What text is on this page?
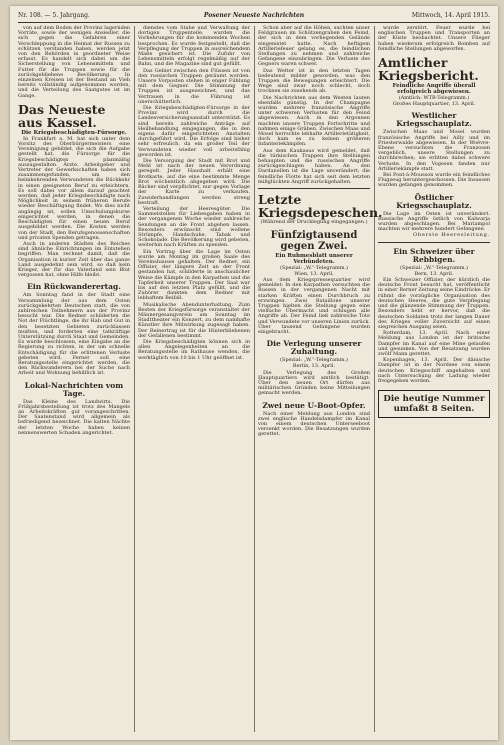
Nr. 108. — 5. Jahrgang.	Posener Neueste Nachrichten	Mittwoch, 14. April 1915.

von auf dem Boden der Provinz lagernden Vorräte, sowie der wenigen Ansiedler, die sich gegen die Gefahren einer Verschleppung in die Heimat der Russen zu schützen verstanden haben, werden jetzt von den Behörden in geordneter Weise erfasst. Es handelt sich dabei um die Sicherstellung von Lebensmitteln und Futter für die Truppen sowie für die zurückgebliebene Bevölkerung. In einzelnen Kreisen ist der Bestand an Vieh bereits vollständig aufgenommen worden, und die Verteilung des Saatgutes ist im Gange.

Das Neueste aus Kassel.
Die Kriegsbeschädigten-Fürsorge.

In Frankfurt a. M. hat sich unter dem Vorsitz des Oberbürgermeisters eine Vereinigung gebildet, die sich die Aufgabe gestellt hat, die Fürsorge für die Kriegsbeschädigten planmäßig auszugestalten. Ärzte, Arbeitgeber und Vertreter der Gewerkschaften haben sich zusammengefunden, um den heimkehrenden Verwundeten die Rückkehr in einen geeigneten Beruf zu erleichtern. Es soll dabei vor allem darauf geachtet werden, daß jeder Kriegsbeschädigte nach Möglichkeit in seinem früheren Berufe wieder Beschäftigung findet. Wo dies nicht angängig ist, sollen Umschulungskurse eingerichtet werden, in denen die Beschädigten für einen neuen Beruf ausgebildet werden. Die Kosten werden von der Stadt, den Berufsgenossenschaften und privaten Spenden getragen.

Auch in anderen Städten des Reiches sind ähnliche Einrichtungen im Entstehen begriffen. Man rechnet damit, daß die Organisation in kurzer Zeit über das ganze Land ausgedehnt sein wird, so daß kein Krieger, der für das Vaterland sein Blut vergossen hat, ohne Hilfe bleibt.

Ein Rückwanderertag.

Am Sonntag fand in der Stadt eine Versammlung der aus dem Osten zurückgekehrten Deutschen statt, die von zahlreichen Teilnehmern aus der Provinz besucht war. Die Redner schilderten die Not der Flüchtlinge, die ihr Hab und Gut in den besetzten Gebieten zurücklassen mußten, und forderten eine tatkräftige Unterstützung durch Staat und Gemeinden. Es wurde beschlossen, eine Eingabe an die Regierung zu richten, in der um schnelle Entschädigung für die erlittenen Verluste gebeten wird. Ferner soll eine Beratungsstelle eingerichtet werden, die den Rückwanderern bei der Suche nach Arbeit und Wohnung behilflich ist.

Lokal-Nachrichten vom Tage.

Das Kleine des Landwirts. Die Frühjahrsbestellung ist trotz des Mangels an Arbeitskräften gut vorangeschritten. Der Saatenstand wird allgemein als befriedigend bezeichnet. Die kalten Nächte der letzten Woche haben keinen nennenswerten Schaden angerichtet.

dienstes vom Stabe und Verwaltung der dortigen Truppenteile, wurden die Vorkehrungen für die kommenden Wochen besprochen. Es wurde festgestellt, daß die Verpflegung der Truppen in ausreichendem Maße gesichert ist. Die Zufuhr von Lebensmitteln erfolgt regelmäßig auf der Bahn, und die Magazine sind gut gefüllt.

Das Gebiet zwischen den Flüssen ist von den russischen Truppen geräumt worden. Unsere Vorposten stehen in enger Fühlung mit dem Gegner. Die Stimmung der Truppen ist ausgezeichnet, und das Vertrauen in die Führung ist unerschütterlich.

Die Kriegsbeschädigten-Fürsorge in der Provinz wird durch die Landesversicherungsanstalt unterstützt. Es sind bereits zahlreiche Anträge auf Heilbehandlung eingegangen, die in den eigens dafür eingerichteten Anstalten durchgeführt wird. Die Erfolge sind bisher sehr erfreulich, da ein großer Teil der Verwundeten wieder voll arbeitsfähig geworden ist.

Die Versorgung der Stadt mit Brot und Mehl ist nach der neuen Verordnung geregelt. Jeder Haushalt erhält eine Brotkarte, auf die eine bestimmte Menge Brot wöchentlich abgegeben wird. Die Bäcker sind verpflichtet, nur gegen Vorlage der Karte zu verkaufen. Zuwiderhandlungen werden streng bestraft.

Verteilung der Heeresgüter. Die Sammelstellen für Liebesgaben haben in der vergangenen Woche wieder zahlreiche Sendungen an die Front abgehen lassen. Besonders erwünscht sind wollene Strümpfe, Handschuhe, Tabak und Schokolade. Die Bevölkerung wird gebeten, weiterhin nach Kräften zu spenden.

Ein Vortrag über die Lage im Osten wurde am Montag im großen Saale des Vereinshauses gehalten. Der Redner, ein Offizier, der längere Zeit an der Front gestanden hat, schilderte in anschaulicher Weise die Kämpfe in den Karpathen und die Tapferkeit unserer Truppen. Der Saal war bis auf den letzten Platz gefüllt, und die Zuhörer dankten dem Redner mit lebhaftem Beifall.

Musikalische Abendunterhaltung. Zum Besten der Kriegsfürsorge veranstaltet der Männergesangverein am Sonntag im Stadttheater ein Konzert, zu dem namhafte Künstler ihre Mitwirkung zugesagt haben. Der Reinertrag ist für die Hinterbliebenen der Gefallenen bestimmt.

Die Kriegsbeschädigten können sich in allen Angelegenheiten an die Beratungsstelle im Rathause wenden, die werktäglich von 10 bis 1 Uhr geöffnet ist.

Schon aber auf die Höhen, suchten unser Feldgrauen im Schützengraben den Feind, der sich in dem vorliegenden Gelände eingenistet hatte. Nach heftigem Artilleriefeuer gelang es, die feindlichen Stellungen zu nehmen und zahlreiche Gefangene einzubringen. Die Verluste des Gegners waren schwer.

Das Wetter ist in den letzten Tagen bedeutend milder geworden, was den Truppen die Bewegungen erleichtert. Die Wege sind zwar noch schlecht, doch trocknen sie zusehends ab.

Die Nachrichten aus dem Westen lauten ebenfalls günstig. In der Champagne wurden mehrere französische Angriffe unter schweren Verlusten für den Feind abgewiesen. Auch in den Argonnen machten unsere Truppen Fortschritte und nahmen einige Gräben. Zwischen Maas und Mosel herrschte lebhafte Artillerietätigkeit, doch kam es zu keinen größeren Infanteriekämpfen.

Aus dem Kaukasus wird gemeldet, daß die türkischen Truppen ihre Stellungen behaupten und die russischen Angriffe zurückgeschlagen haben. An den Dardanellen ist die Lage unverändert; die feindliche Flotte hat sich seit dem letzten mißglückten Angriff zurückgehalten.

Letzte Kriegsdepeschen.
(Während der Drucklegung eingegangen.)
Fünfzigtausend gegen Zwei.
Ein Ruhmesblatt unserer Verbündeten.
(Spezial: „W.“-Telegramm.)
Wien, 13. April.

Aus dem Kriegspressequartier wird gemeldet: In den Karpathen versuchten die Russen in der vergangenen Nacht mit starken Kräften einen Durchbruch zu erzwingen. Zwei Bataillone unserer Truppen hielten die Stellung gegen eine vielfache Übermacht und schlugen alle Angriffe ab. Der Feind ließ zahlreiche Tote und Verwundete vor unseren Linien zurück. Über tausend Gefangene wurden eingebracht.

Die Verlegung unserer Zuhaltung.
(Spezial: „W.“-Telegramm.)
Berlin, 13. April.

Die Verlegung des Großen Hauptquartiers wird amtlich bestätigt. Über den neuen Ort dürfen aus militärischen Gründen keine Mitteilungen gemacht werden.

Zwei neue U-Boot-Opfer.

Nach einer Meldung aus London sind zwei englische Handelsdampfer im Kanal von einem deutschen Unterseeboot versenkt worden. Die Besatzungen wurden gerettet.

wurde zerstört. Feuer wurde bei englischen Truppen und Transporten an der Küste beobachtet. Unsere Flieger haben wiederum erfolgreich Bomben auf feindliche Stellungen abgeworfen.

Amtlicher Kriegsbericht.
Feindliche Angriffe überall erfolgreich abgewiesen.
(Amtlich: WTB-Telegramm.)
Großes Hauptquartier, 13. April.
Westlicher Kriegsschauplatz.

Zwischen Maas und Mosel wurden französische Angriffe bei Ailly und im Priesterwalde abgewiesen. In der Woëvre-Ebene versuchten die Franzosen vergeblich, unsere Stellungen zu durchbrechen; sie erlitten dabei schwere Verluste. In den Vogesen fanden nur Artilleriekämpfe statt.

Bei Pont-à-Mousson wurde ein feindliches Flugzeug heruntergeschossen. Die Insassen wurden gefangen genommen.

Östlicher Kriegsschauplatz.

Die Lage im Osten ist unverändert. Russische Angriffe östlich von Kalwarja wurden abgeschlagen. Bei Mariampol machten wir mehrere hundert Gefangene.

Oberste Heeresleitung.

Ein Schweizer über Rebbigen.
(Spezial: „W.“-Telegramm.)
Bern, 13. April.

Ein Schweizer Offizier, der kürzlich die deutsche Front besucht hat, veröffentlicht in einer Berner Zeitung seine Eindrücke. Er rühmt die vorzügliche Organisation des deutschen Heeres, die gute Verpflegung und die glänzende Stimmung der Truppen. Besonders hebt er hervor, daß die deutschen Soldaten trotz der langen Dauer des Krieges voller Zuversicht auf einen siegreichen Ausgang seien.

Rotterdam, 13. April. Nach einer Meldung aus London ist der britische Dampfer im Kanal auf eine Mine gelaufen und gesunken. Von der Besatzung wurden zwölf Mann gerettet.

Kopenhagen, 13. April. Der dänische Dampfer ist in der Nordsee von einem deutschen Kriegsschiff angehalten und nach Untersuchung der Ladung wieder freigegeben worden.

Die heutige Nummer umfaßt 8 Seiten.
